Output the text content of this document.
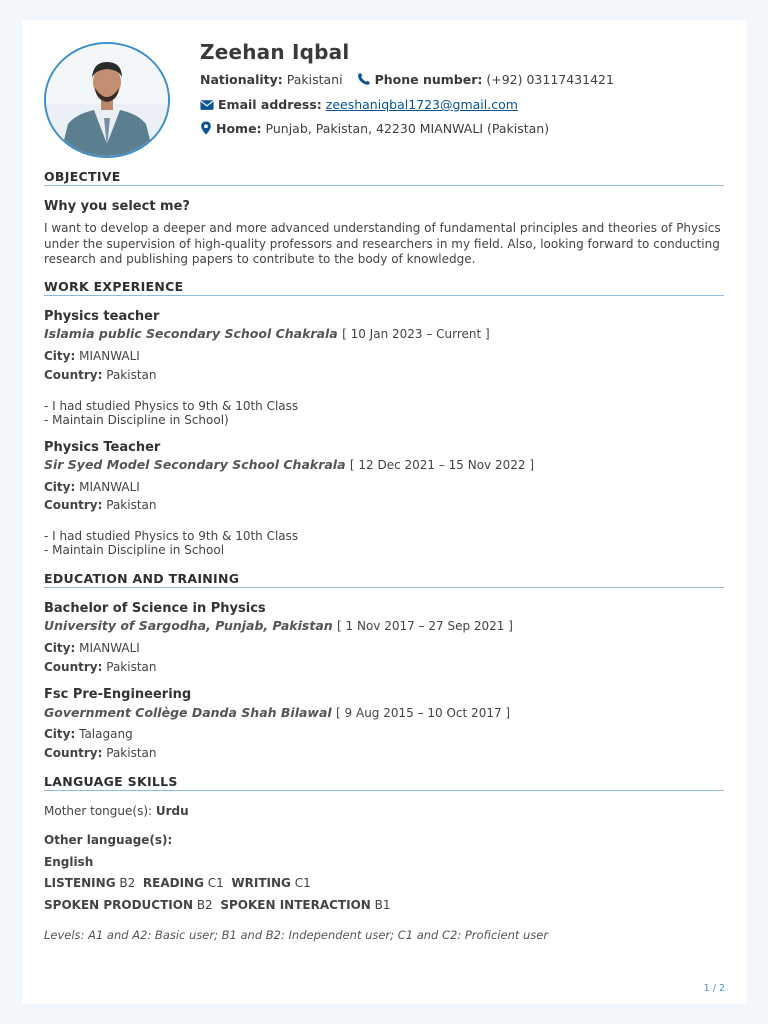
Zeehan Iqbal
Nationality: Pakistani	Phone number: (+92) 03117431421
Email address: zeeshaniqbal1723@gmail.com
Home: Punjab, Pakistan, 42230 MIANWALI (Pakistan)
OBJECTIVE
Why you select me?
I want to develop a deeper and more advanced understanding of fundamental principles and theories of Physics under the supervision of high-quality professors and researchers in my field. Also, looking forward to conducting research and publishing papers to contribute to the body of knowledge.
WORK EXPERIENCE
Physics teacher
Islamia public Secondary School Chakrala [ 10 Jan 2023 – Current ]
City: MIANWALI
Country: Pakistan
- I had studied Physics to 9th & 10th Class
- Maintain Discipline in School)
Physics Teacher
Sir Syed Model Secondary School Chakrala [ 12 Dec 2021 – 15 Nov 2022 ]
City: MIANWALI
Country: Pakistan
- I had studied Physics to 9th & 10th Class
- Maintain Discipline in School
EDUCATION AND TRAINING
Bachelor of Science in Physics
University of Sargodha, Punjab, Pakistan [ 1 Nov 2017 – 27 Sep 2021 ]
City: MIANWALI
Country: Pakistan
Fsc Pre-Engineering
Government Collège Danda Shah Bilawal [ 9 Aug 2015 – 10 Oct 2017 ]
City: Talagang
Country: Pakistan
LANGUAGE SKILLS
Mother tongue(s): Urdu
Other language(s):
English
LISTENING B2 READING C1 WRITING C1
SPOKEN PRODUCTION B2 SPOKEN INTERACTION B1
Levels: A1 and A2: Basic user; B1 and B2: Independent user; C1 and C2: Proficient user
1 / 2
